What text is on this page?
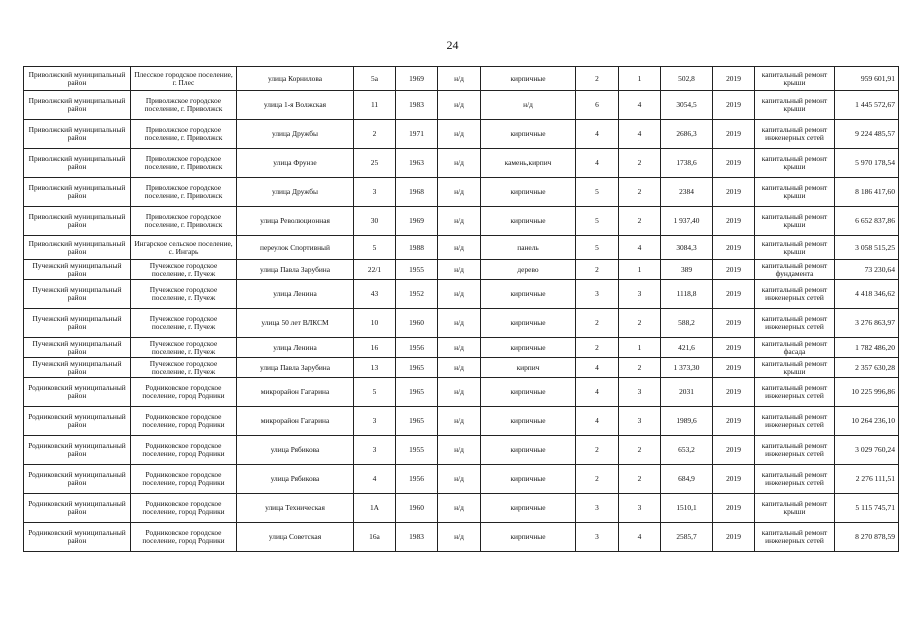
24
Приволжский муниципальный район	Плесское городское поселение, г. Плес	улица Корнилова	5а	1969	н/д	кирпичные	2	1	502,8	2019	капитальный ремонт крыши	959 601,91
Приволжский муниципальный район	Приволжское городское поселение, г. Приволжск	улица 1-я Волжская	11	1983	н/д	н/д	6	4	3054,5	2019	капитальный ремонт крыши	1 445 572,67
Приволжский муниципальный район	Приволжское городское поселение, г. Приволжск	улица Дружбы	2	1971	н/д	кирпичные	4	4	2686,3	2019	капитальный ремонт инженерных сетей	9 224 485,57
Приволжский муниципальный район	Приволжское городское поселение, г. Приволжск	улица Фрунзе	25	1963	н/д	камень,кирпич	4	2	1738,6	2019	капитальный ремонт крыши	5 970 178,54
Приволжский муниципальный район	Приволжское городское поселение, г. Приволжск	улица Дружбы	3	1968	н/д	кирпичные	5	2	2384	2019	капитальный ремонт крыши	8 186 417,60
Приволжский муниципальный район	Приволжское городское поселение, г. Приволжск	улица Революционная	30	1969	н/д	кирпичные	5	2	1 937,40	2019	капитальный ремонт крыши	6 652 837,86
Приволжский муниципальный район	Ингарское сельское поселение, с. Ингарь	переулок Спортивный	5	1988	н/д	панель	5	4	3084,3	2019	капитальный ремонт крыши	3 058 515,25
Пучежский муниципальный район	Пучежское городское поселение, г. Пучеж	улица Павла Зарубина	22/1	1955	н/д	дерево	2	1	389	2019	капитальный ремонт фундамента	73 230,64
Пучежский муниципальный район	Пучежское городское поселение, г. Пучеж	улица Ленина	43	1952	н/д	кирпичные	3	3	1118,8	2019	капитальный ремонт инженерных сетей	4 418 346,62
Пучежский муниципальный район	Пучежское городское поселение, г. Пучеж	улица 50 лет ВЛКСМ	10	1960	н/д	кирпичные	2	2	588,2	2019	капитальный ремонт инженерных сетей	3 276 863,97
Пучежский муниципальный район	Пучежское городское поселение, г. Пучеж	улица Ленина	16	1956	н/д	кирпичные	2	1	421,6	2019	капитальный ремонт фасада	1 782 486,20
Пучежский муниципальный район	Пучежское городское поселение, г. Пучеж	улица Павла Зарубина	13	1965	н/д	кирпич	4	2	1 373,30	2019	капитальный ремонт крыши	2 357 630,28
Родниковский муниципальный район	Родниковское городское поселение, город Родники	микрорайон Гагарина	5	1965	н/д	кирпичные	4	3	2031	2019	капитальный ремонт инженерных сетей	10 225 996,86
Родниковский муниципальный район	Родниковское городское поселение, город Родники	микрорайон Гагарина	3	1965	н/д	кирпичные	4	3	1989,6	2019	капитальный ремонт инженерных сетей	10 264 236,10
Родниковский муниципальный район	Родниковское городское поселение, город Родники	улица Рябикова	3	1955	н/д	кирпичные	2	2	653,2	2019	капитальный ремонт инженерных сетей	3 029 760,24
Родниковский муниципальный район	Родниковское городское поселение, город Родники	улица Рябикова	4	1956	н/д	кирпичные	2	2	684,9	2019	капитальный ремонт инженерных сетей	2 276 111,51
Родниковский муниципальный район	Родниковское городское поселение, город Родники	улица Техническая	1А	1960	н/д	кирпичные	3	3	1510,1	2019	капитальный ремонт крыши	5 115 745,71
Родниковский муниципальный район	Родниковское городское поселение, город Родники	улица Советская	16а	1983	н/д	кирпичные	3	4	2585,7	2019	капитальный ремонт инженерных сетей	8 270 878,59
